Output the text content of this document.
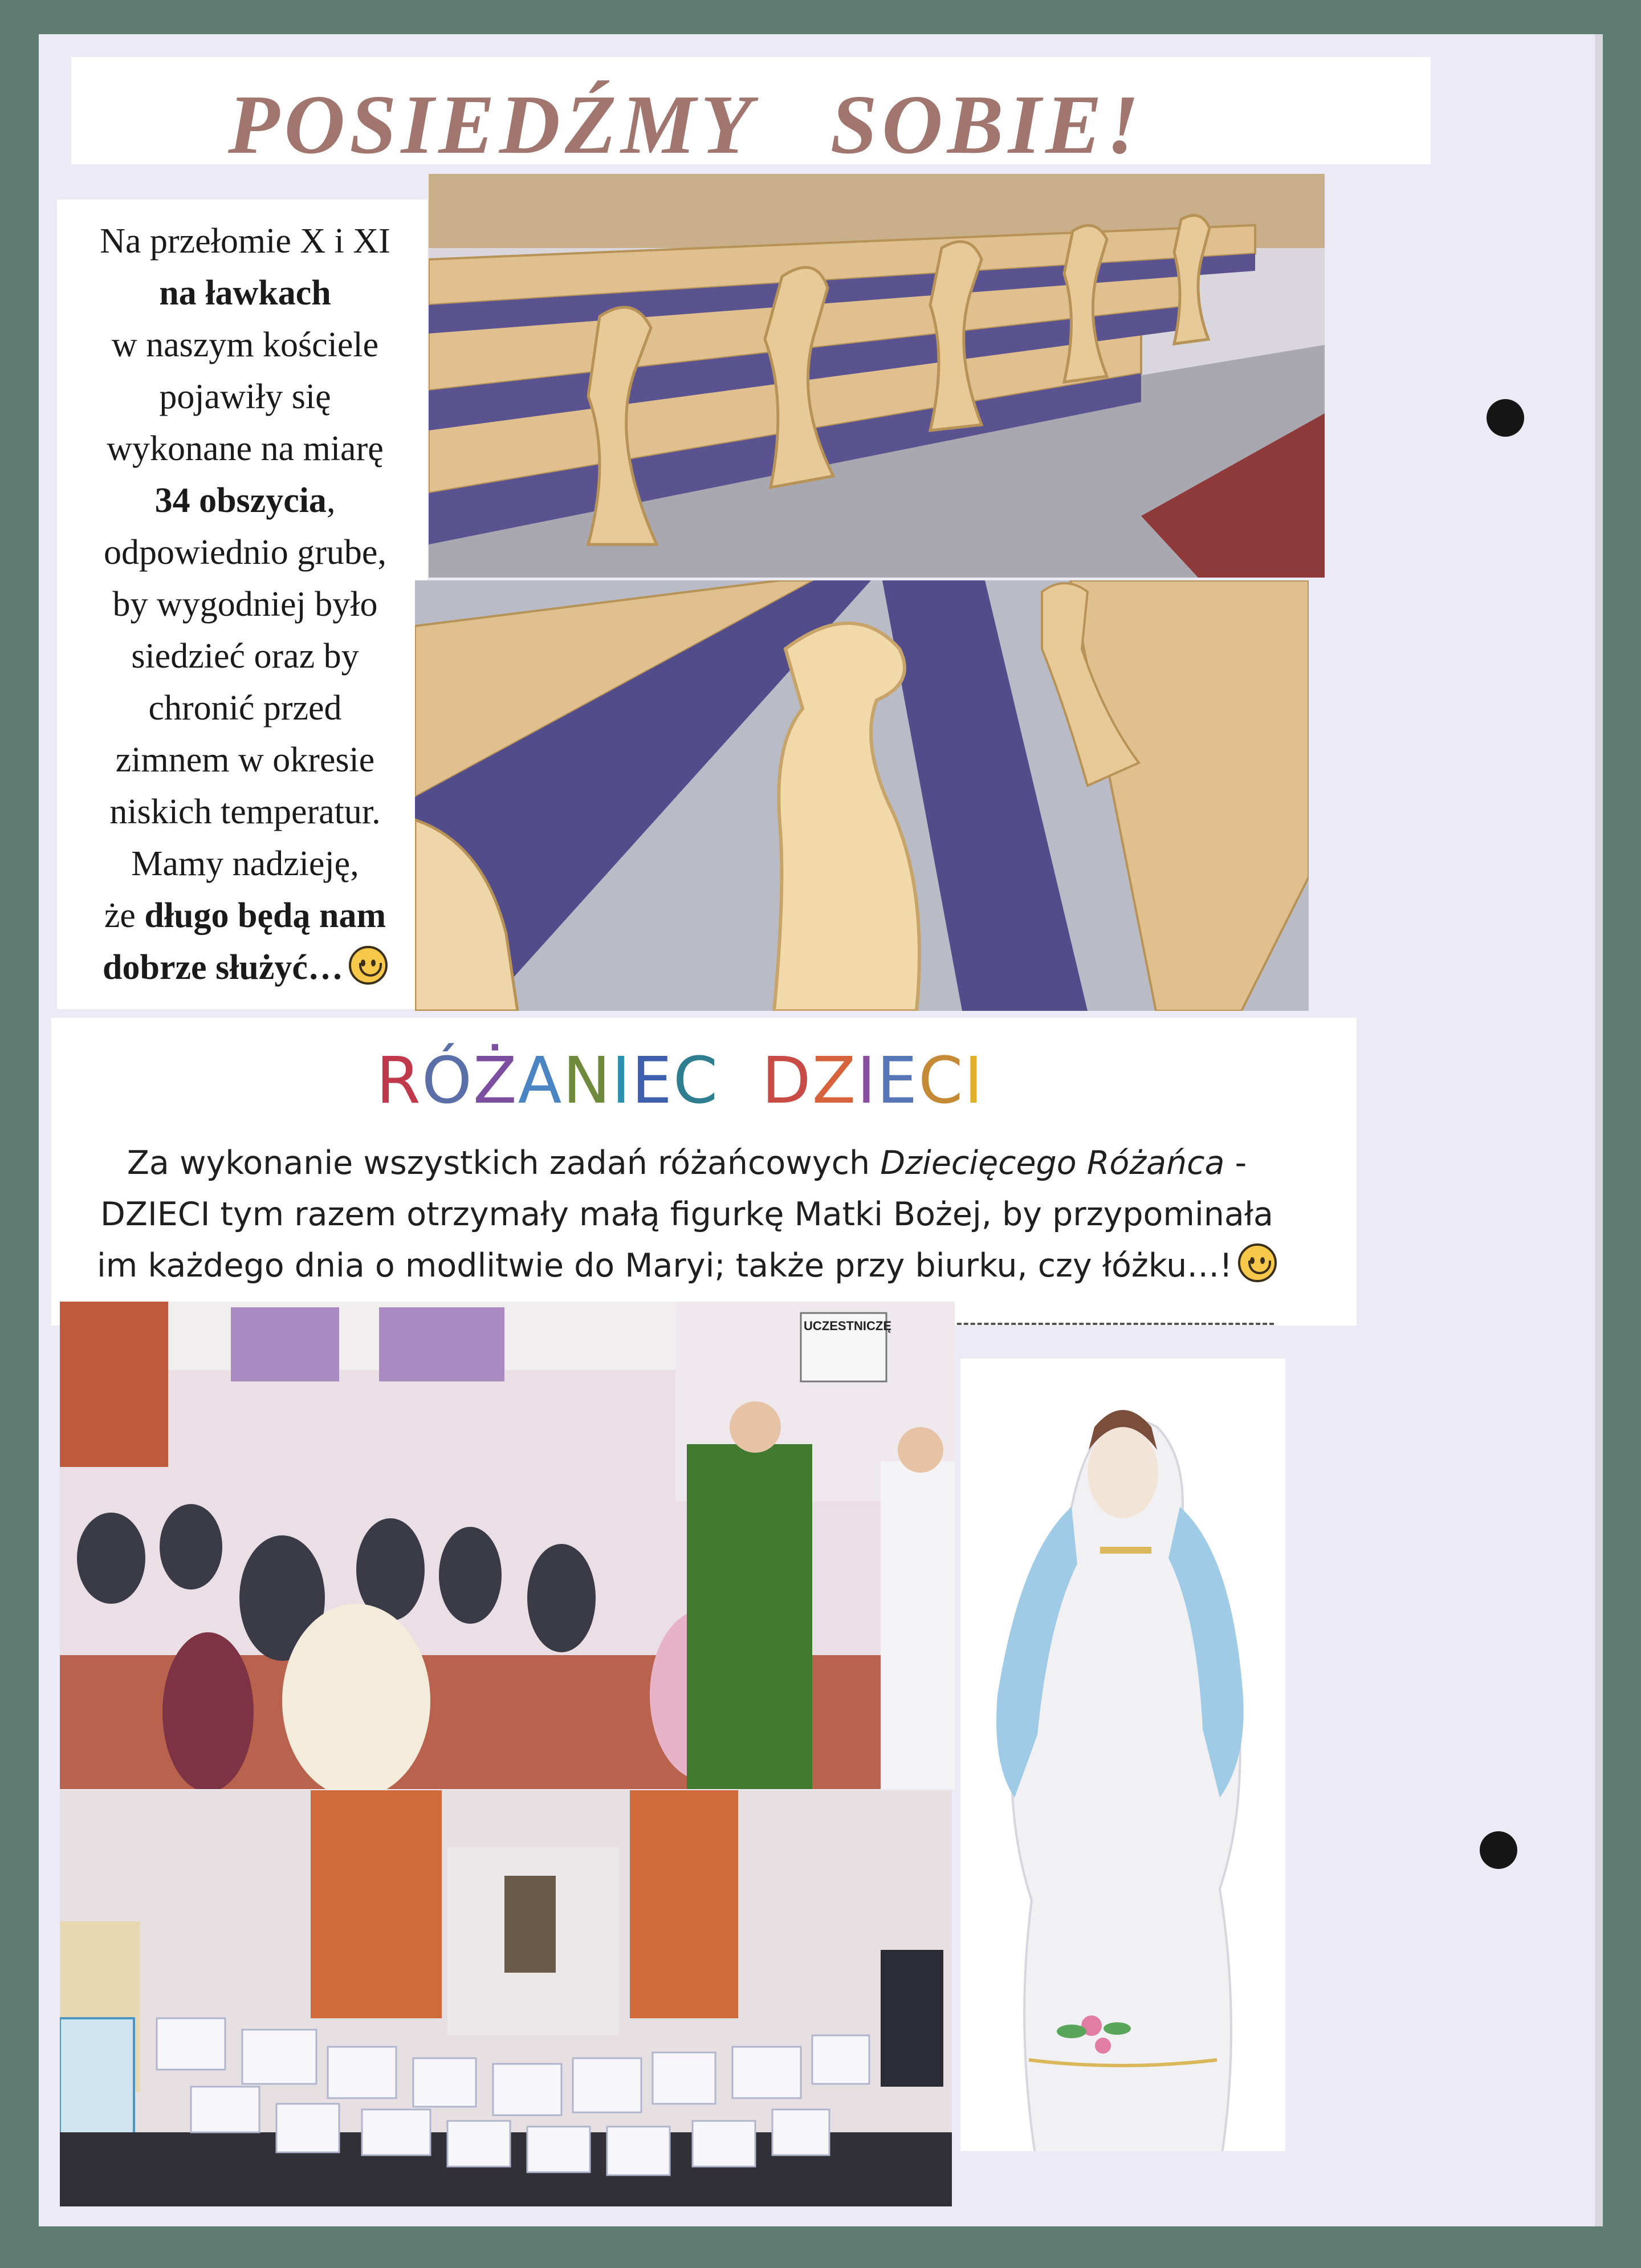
POSIEDŹMY   SOBIE!
Na przełomie X i XI
na ławkach
w naszym kościele
pojawiły się
wykonane na miarę
34 obszycia,
odpowiednio grube,
by wygodniej było
siedzieć oraz by
chronić przed
zimnem w okresie
niskich temperatur.
Mamy nadzieję,
że długo będą nam
dobrze służyć…
RÓŻANIEC DZIECI
Za wykonanie wszystkich zadań różańcowych Dziecięcego Różańca -
DZIECI tym razem otrzymały małą figurkę Matki Bożej, by przypominała
im każdego dnia o modlitwie do Maryi; także przy biurku, czy łóżku…!
UCZESTNICZĘ
